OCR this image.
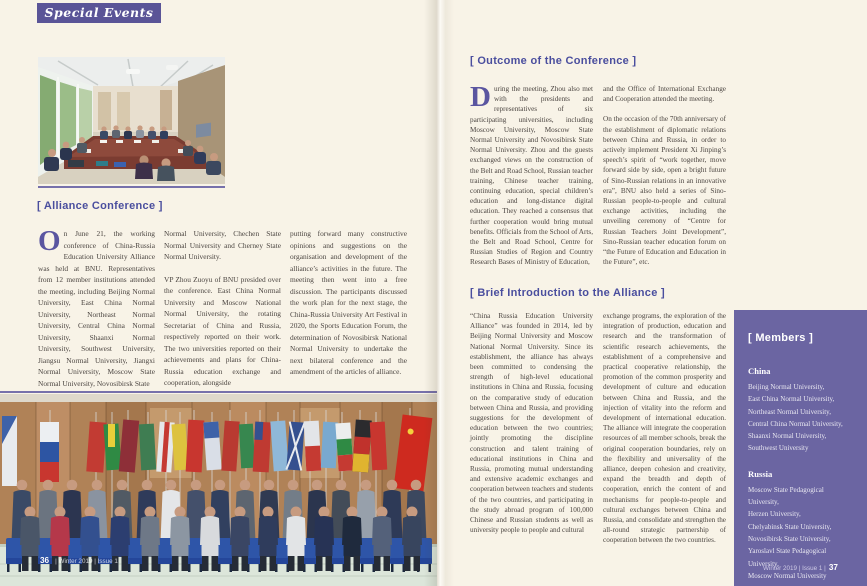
Special Events
[ Alliance Conference ]

On June 21, the working conference of China-Russia Education University Alliance was held at BNU. Representatives from 12 member institutions attended the meeting, including Beijing Normal University, East China Normal University, Northeast Normal University, Central China Normal University, Shaanxi Normal University, Southwest University, Jiangsu Normal University, Jiangxi Normal University, Moscow State Normal University, Novosibirsk State

Normal University, Chechen State Normal University and Cherney State Normal University.

VP Zhou Zuoyu of BNU presided over the conference. East China Normal University and Moscow National Normal University, the rotating Secretariat of China and Russia, respectively reported on their work. The two universities reported on their achievements and plans for China-Russia education exchange and cooperation, alongside

putting forward many constructive opinions and suggestions on the organisation and development of the alliance’s activities in the future. The meeting then went into a free discussion. The participants discussed the work plan for the next stage, the China-Russia University Art Festival in 2020, the Sports Education Forum, the determination of Novosibirsk National Normal University to undertake the next bilateral conference and the amendment of the articles of alliance.

36 | Winter 2019 | Issue 1
[ Outcome of the Conference ]

During the meeting, Zhou also met with the presidents and representatives of six participating universities, including Moscow University, Moscow State Normal University and Novosibirsk State Normal University. Zhou and the guests exchanged views on the construction of the Belt and Road School, Russian teacher training, Chinese teacher training, continuing education, special children’s education and long-distance digital education. They reached a consensus that further cooperation would bring mutual benefits. Officials from the School of Arts, the Belt and Road School, Centre for Russian Studies of Region and Country Research Bases of Ministry of Education,

and the Office of International Exchange and Cooperation attended the meeting.

On the occasion of the 70th anniversary of the establishment of diplomatic relations between China and Russia, in order to actively implement President Xi Jinping’s speech’s spirit of “work together, move forward side by side, open a bright future of Sino-Russian relations in an innovative era”, BNU also held a series of Sino-Russian people-to-people and cultural exchange activities, including the unveiling ceremony of “Centre for Russian Teachers Joint Development”, Sino-Russian teacher education forum on “the Future of Education and Education in the Future”, etc.

[ Brief Introduction to the Alliance ]

“China Russia Education University Alliance” was founded in 2014, led by Beijing Normal University and Moscow National Normal University. Since its establishment, the alliance has always been committed to condensing the strength of high-level educational institutions in China and Russia, focusing on the comparative study of education between China and Russia, and providing suggestions for the development of education between the two countries; jointly promoting the discipline construction and talent training of educational institutions in China and Russia, promoting mutual understanding and extensive academic exchanges and cooperation between teachers and students of the two countries, and participating in the study abroad program of 100,000 Chinese and Russian students as well as university people to people and cultural

exchange programs, the exploration of the integration of production, education and research and the transformation of scientific research achievements, the establishment of a comprehensive and practical cooperative relationship, the promotion of the common prosperity and development of culture and education between China and Russia, and the injection of vitality into the reform and development of international education. The alliance will integrate the cooperation resources of all member schools, break the original cooperation boundaries, rely on the flexibility and universality of the alliance, deepen cohesion and creativity, expand the breadth and depth of cooperation, enrich the content of and mechanisms for people-to-people and cultural exchanges between China and Russia, and consolidate and strengthen the all-round strategic partnership of cooperation between the two countries.

[ Members ]
China
Beijing Normal University,
East China Normal University,
Northeast Normal University,
Central China Normal University,
Shaanxi Normal University,
Southwest University
Russia
Moscow State Pedagogical University,
Herzen University,
Chelyabinsk State University,
Novosibirsk State University,
Yaroslavl State Pedagogical University,
Moscow Normal University
Winter 2019 | Issue 1 | 37
